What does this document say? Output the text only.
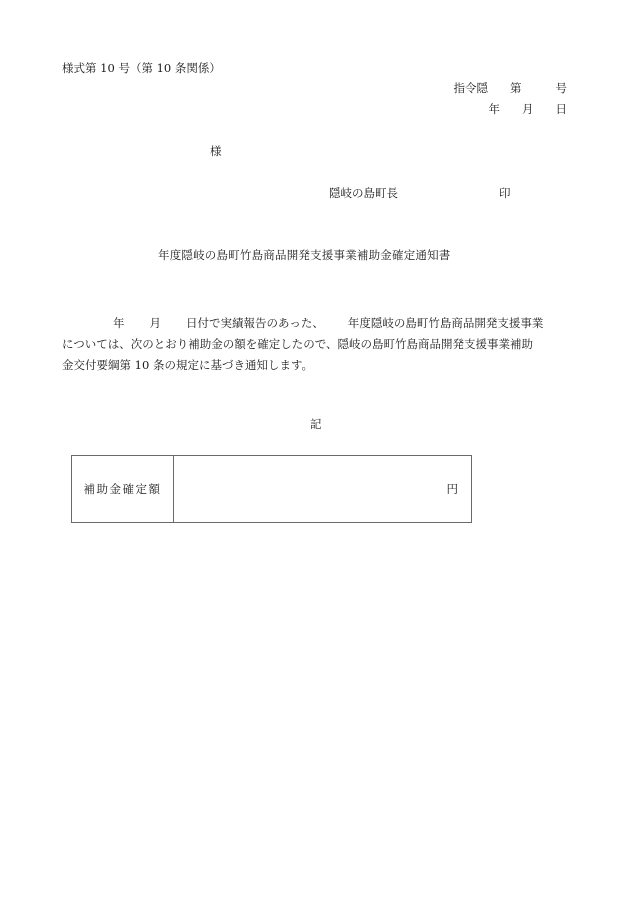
様式第 10 号（第 10 条関係）
指令隠 第	号
年 月 日
様
隠岐の島町長	印
年度隠岐の島町竹島商品開発支援事業補助金確定通知書
年 月 日付で実績報告のあった、 年度隠岐の島町竹島商品開発支援事業
については、次のとおり補助金の額を確定したので、隠岐の島町竹島商品開発支援事業補助
金交付要綱第 10 条の規定に基づき通知します。
記
補助金確定額	円
